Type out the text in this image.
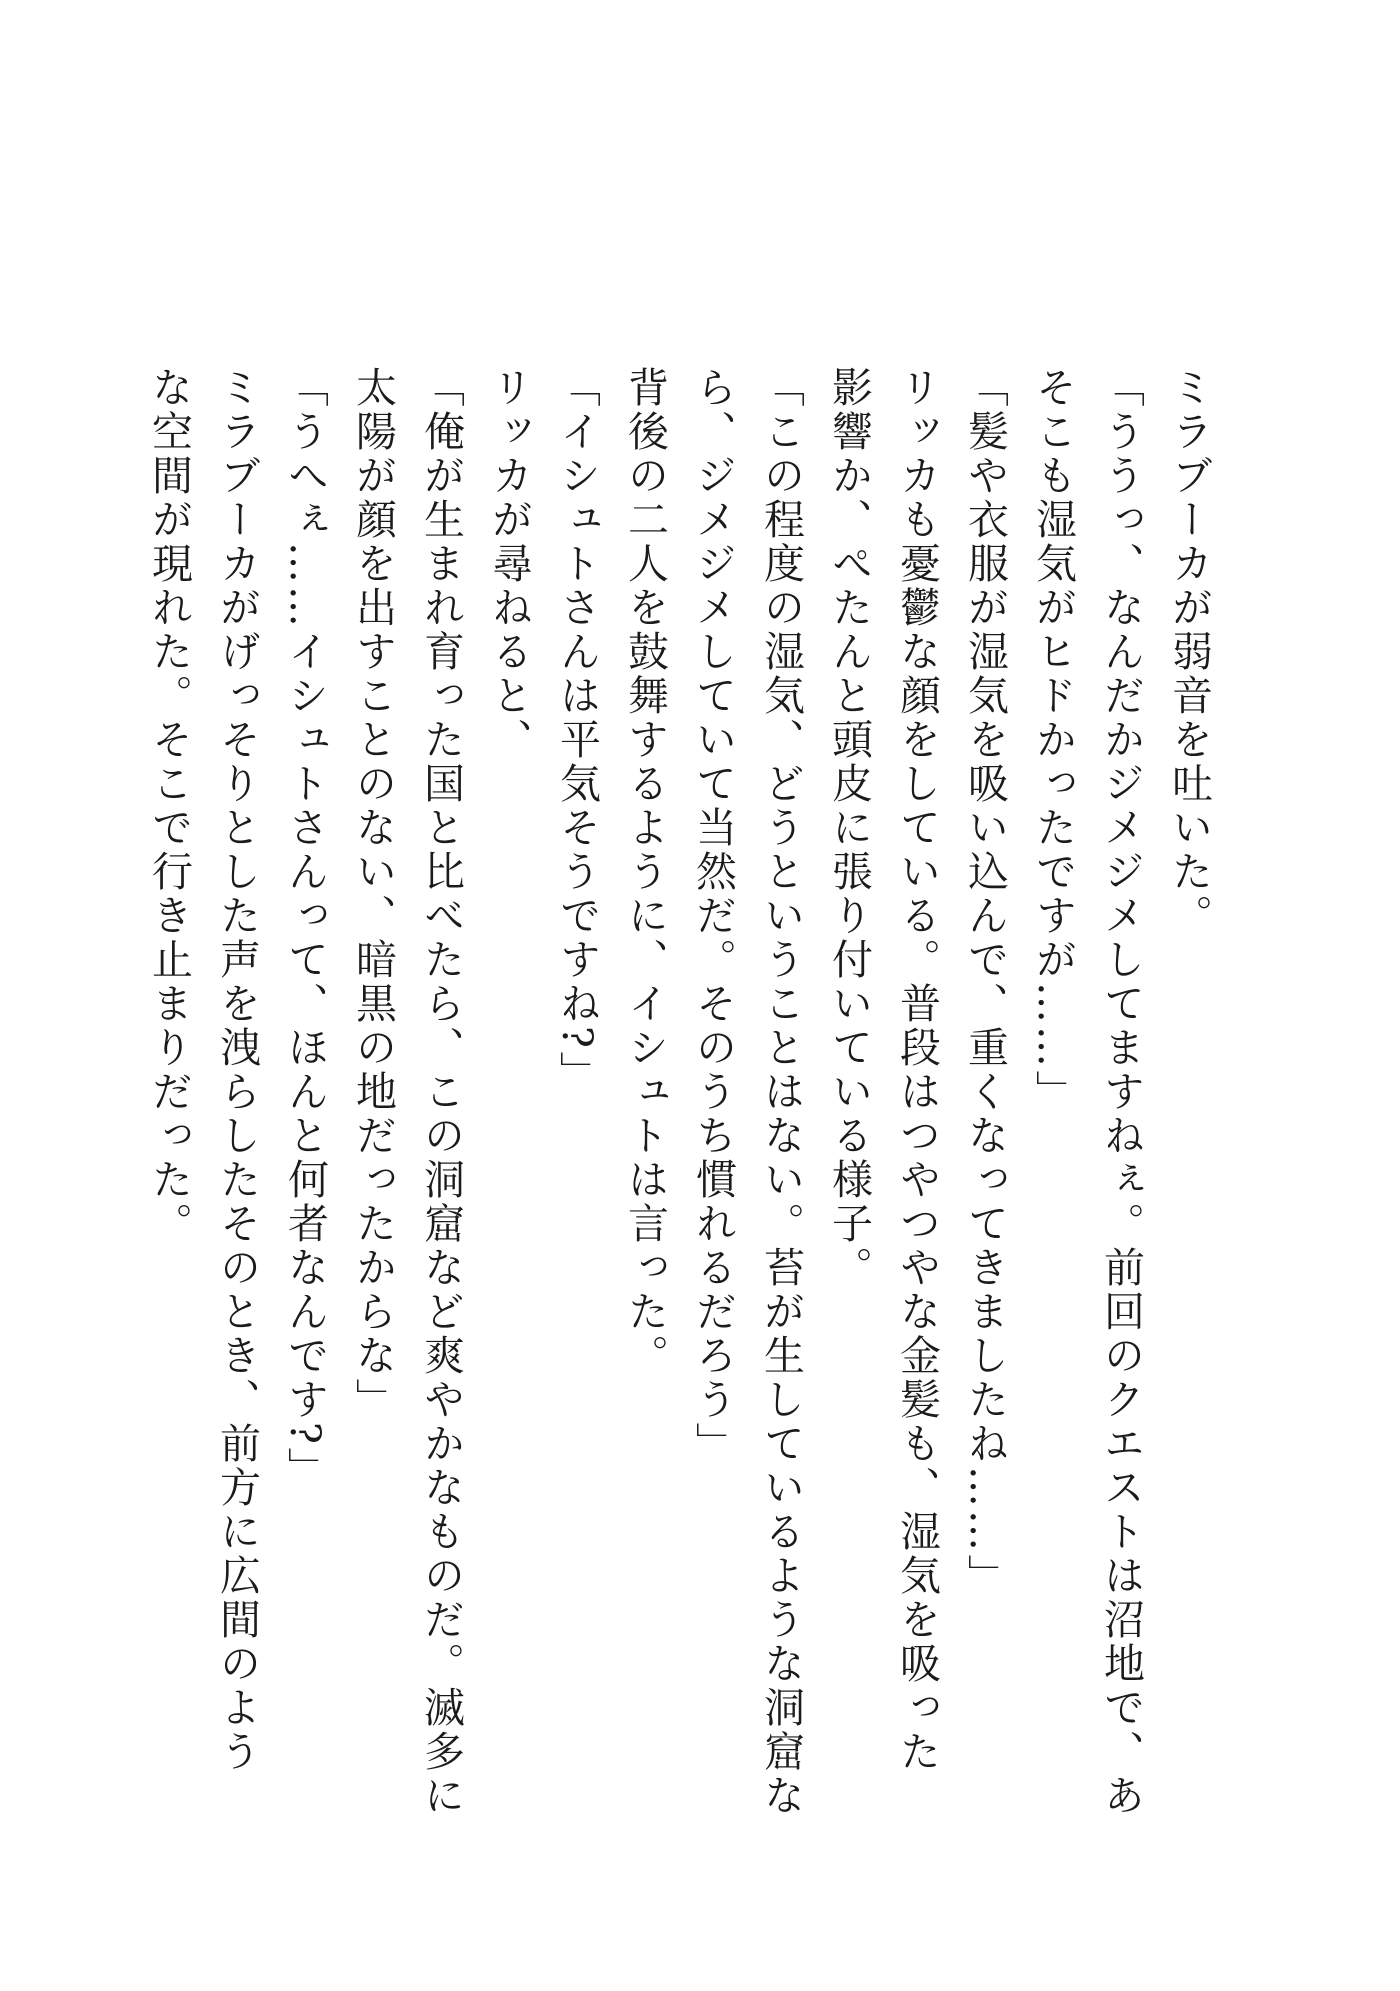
ミラブーカが弱音を吐いた。
「ううっ、なんだかジメジメしてますねぇ。前回のクエストは沼地で、あ
そこも湿気がヒドかったですが……」
「髪や衣服が湿気を吸い込んで、重くなってきましたね……」
リッカも憂鬱な顔をしている。普段はつやつやな金髪も、湿気を吸った
影響か、ぺたんと頭皮に張り付いている様子。
「この程度の湿気、どうということはない。苔が生しているような洞窟な
ら、ジメジメしていて当然だ。そのうち慣れるだろう」
背後の二人を鼓舞するように、イシュトは言った。
「イシュトさんは平気そうですね?」
リッカが尋ねると、
「俺が生まれ育った国と比べたら、この洞窟など爽やかなものだ。滅多に
太陽が顔を出すことのない、暗黒の地だったからな」
「うへぇ……イシュトさんって、ほんと何者なんです?」
ミラブーカがげっそりとした声を洩らしたそのとき、前方に広間のよう
な空間が現れた。そこで行き止まりだった。
